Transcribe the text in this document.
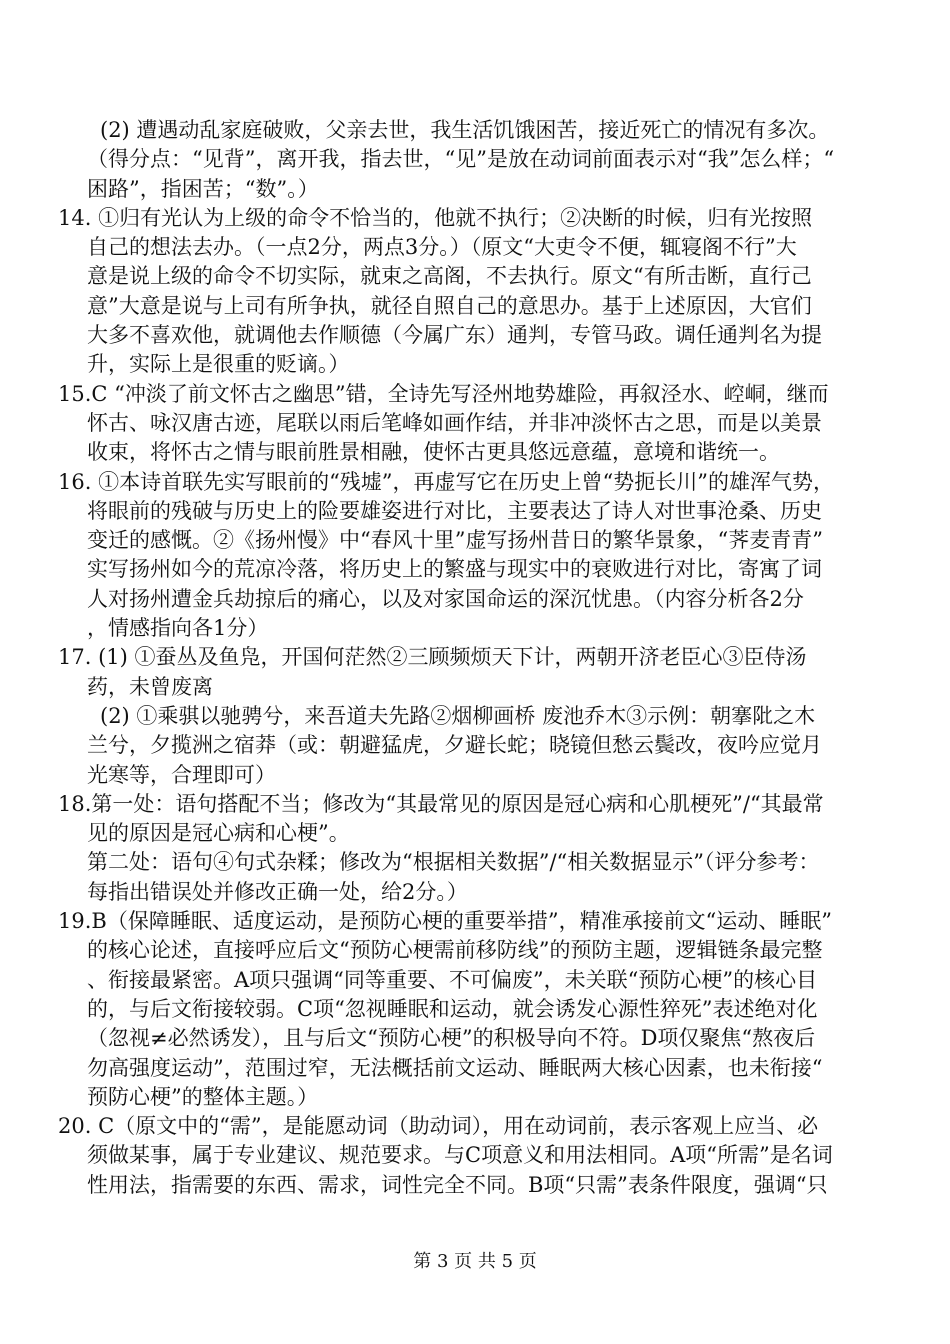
(2) 遭遇动乱家庭破败，父亲去世，我生活饥饿困苦，接近死亡的情况有多次。
（得分点：“见背”，离开我，指去世，“见”是放在动词前面表示对“我”怎么样；“
困路”，指困苦；“数”。）
14. ①归有光认为上级的命令不恰当的，他就不执行；②决断的时候，归有光按照
自己的想法去办。（一点2分，两点3分。）（原文“大吏令不便，辄寝阁不行”大
意是说上级的命令不切实际，就束之高阁，不去执行。原文“有所击断，直行己
意”大意是说与上司有所争执，就径自照自己的意思办。基于上述原因，大官们
大多不喜欢他，就调他去作顺德（今属广东）通判，专管马政。调任通判名为提
升，实际上是很重的贬谪。）
15.C “冲淡了前文怀古之幽思”错，全诗先写泾州地势雄险，再叙泾水、崆峒，继而
怀古、咏汉唐古迹，尾联以雨后笔峰如画作结，并非冲淡怀古之思，而是以美景
收束，将怀古之情与眼前胜景相融，使怀古更具悠远意蕴，意境和谐统一。
16. ①本诗首联先实写眼前的“残墟”，再虚写它在历史上曾“势扼长川”的雄浑气势，
将眼前的残破与历史上的险要雄姿进行对比，主要表达了诗人对世事沧桑、历史
变迁的感慨。②《扬州慢》中“春风十里”虚写扬州昔日的繁华景象，“荠麦青青”
实写扬州如今的荒凉冷落，将历史上的繁盛与现实中的衰败进行对比，寄寓了词
人对扬州遭金兵劫掠后的痛心，以及对家国命运的深沉忧患。（内容分析各2分
，情感指向各1分）
17. (1) ①蚕丛及鱼凫，开国何茫然②三顾频烦天下计，两朝开济老臣心③臣侍汤
药，未曾废离
(2) ①乘骐以驰骋兮，来吾道夫先路②烟柳画桥 废池乔木③示例：朝搴阰之木
兰兮，夕揽洲之宿莽（或：朝避猛虎，夕避长蛇；晓镜但愁云鬓改，夜吟应觉月
光寒等，合理即可）
18.第一处：语句搭配不当；修改为“其最常见的原因是冠心病和心肌梗死”/“其最常
见的原因是冠心病和心梗”。
第二处：语句④句式杂糅；修改为“根据相关数据”/“相关数据显示”（评分参考：
每指出错误处并修改正确一处，给2分。）
19.B（保障睡眠、适度运动，是预防心梗的重要举措”，精准承接前文“运动、睡眠”
的核心论述，直接呼应后文“预防心梗需前移防线”的预防主题，逻辑链条最完整
、衔接最紧密。A项只强调“同等重要、不可偏废”，未关联“预防心梗”的核心目
的，与后文衔接较弱。C项“忽视睡眠和运动，就会诱发心源性猝死”表述绝对化
（忽视≠必然诱发），且与后文“预防心梗”的积极导向不符。D项仅聚焦“熬夜后
勿高强度运动”，范围过窄，无法概括前文运动、睡眠两大核心因素，也未衔接“
预防心梗”的整体主题。）
20. C（原文中的“需”，是能愿动词（助动词），用在动词前，表示客观上应当、必
须做某事，属于专业建议、规范要求。与C项意义和用法相同。A项“所需”是名词
性用法，指需要的东西、需求，词性完全不同。B项“只需”表条件限度，强调“只
第 3 页 共 5 页
